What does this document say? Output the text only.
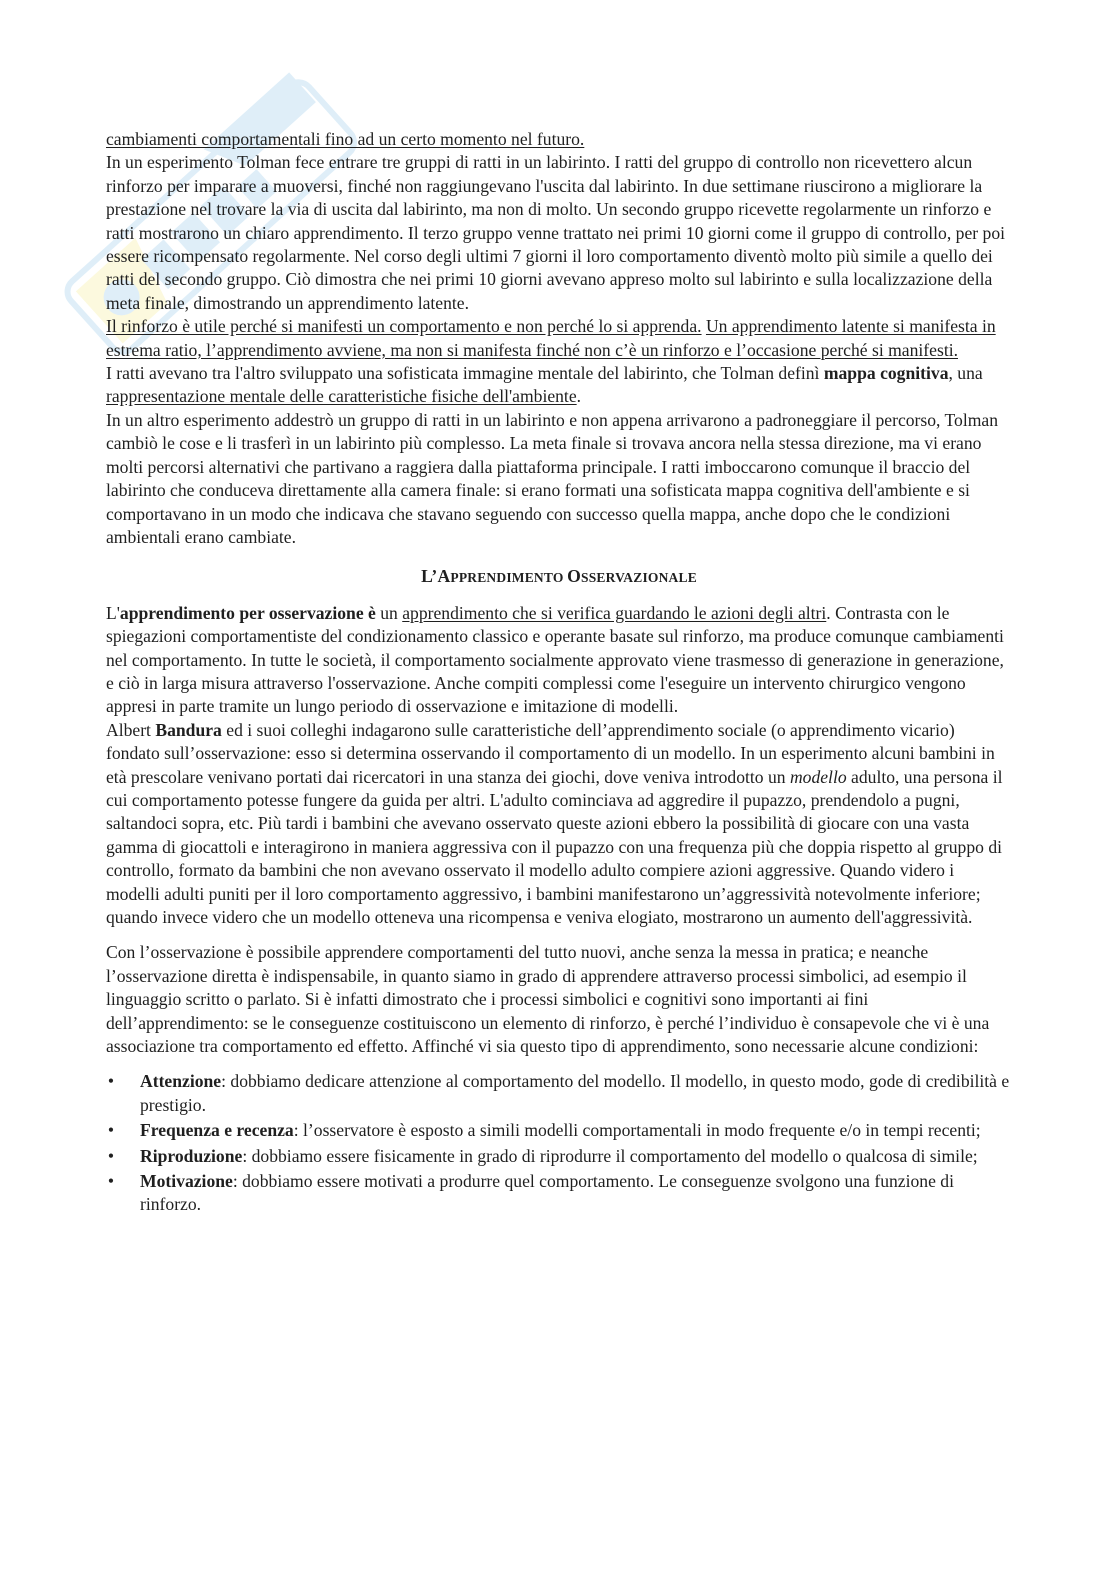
cambiamenti comportamentali fino ad un certo momento nel futuro.

In un esperimento Tolman fece entrare tre gruppi di ratti in un labirinto. I ratti del gruppo di controllo non ricevettero alcun rinforzo per imparare a muoversi, finché non raggiungevano l'uscita dal labirinto. In due settimane riuscirono a migliorare la prestazione nel trovare la via di uscita dal labirinto, ma non di molto. Un secondo gruppo ricevette regolarmente un rinforzo e ratti mostrarono un chiaro apprendimento. Il terzo gruppo venne trattato nei primi 10 giorni come il gruppo di controllo, per poi essere ricompensato regolarmente. Nel corso degli ultimi 7 giorni il loro comportamento diventò molto più simile a quello dei ratti del secondo gruppo. Ciò dimostra che nei primi 10 giorni avevano appreso molto sul labirinto e sulla localizzazione della meta finale, dimostrando un apprendimento latente.

Il rinforzo è utile perché si manifesti un comportamento e non perché lo si apprenda. Un apprendimento latente si manifesta in estrema ratio, l’apprendimento avviene, ma non si manifesta finché non c’è un rinforzo e l’occasione perché si manifesti.

I ratti avevano tra l'altro sviluppato una sofisticata immagine mentale del labirinto, che Tolman definì mappa cognitiva, una rappresentazione mentale delle caratteristiche fisiche dell'ambiente.

In un altro esperimento addestrò un gruppo di ratti in un labirinto e non appena arrivarono a padroneggiare il percorso, Tolman cambiò le cose e li trasferì in un labirinto più complesso. La meta finale si trovava ancora nella stessa direzione, ma vi erano molti percorsi alternativi che partivano a raggiera dalla piattaforma principale. I ratti imboccarono comunque il braccio del labirinto che conduceva direttamente alla camera finale: si erano formati una sofisticata mappa cognitiva dell'ambiente e si comportavano in un modo che indicava che stavano seguendo con successo quella mappa, anche dopo che le condizioni ambientali erano cambiate.

L’APPRENDIMENTO OSSERVAZIONALE

L'apprendimento per osservazione è un apprendimento che si verifica guardando le azioni degli altri. Contrasta con le spiegazioni comportamentiste del condizionamento classico e operante basate sul rinforzo, ma produce comunque cambiamenti nel comportamento. In tutte le società, il comportamento socialmente approvato viene trasmesso di generazione in generazione, e ciò in larga misura attraverso l'osservazione. Anche compiti complessi come l'eseguire un intervento chirurgico vengono appresi in parte tramite un lungo periodo di osservazione e imitazione di modelli.

Albert Bandura ed i suoi colleghi indagarono sulle caratteristiche dell’apprendimento sociale (o apprendimento vicario) fondato sull’osservazione: esso si determina osservando il comportamento di un modello. In un esperimento alcuni bambini in età prescolare venivano portati dai ricercatori in una stanza dei giochi, dove veniva introdotto un modello adulto, una persona il cui comportamento potesse fungere da guida per altri. L'adulto cominciava ad aggredire il pupazzo, prendendolo a pugni, saltandoci sopra, etc. Più tardi i bambini che avevano osservato queste azioni ebbero la possibilità di giocare con una vasta gamma di giocattoli e interagirono in maniera aggressiva con il pupazzo con una frequenza più che doppia rispetto al gruppo di controllo, formato da bambini che non avevano osservato il modello adulto compiere azioni aggressive. Quando videro i modelli adulti puniti per il loro comportamento aggressivo, i bambini manifestarono un’aggressività notevolmente inferiore; quando invece videro che un modello otteneva una ricompensa e veniva elogiato, mostrarono un aumento dell'aggressività.

Con l’osservazione è possibile apprendere comportamenti del tutto nuovi, anche senza la messa in pratica; e neanche l’osservazione diretta è indispensabile, in quanto siamo in grado di apprendere attraverso processi simbolici, ad esempio il linguaggio scritto o parlato. Si è infatti dimostrato che i processi simbolici e cognitivi sono importanti ai fini dell’apprendimento: se le conseguenze costituiscono un elemento di rinforzo, è perché l’individuo è consapevole che vi è una associazione tra comportamento ed effetto. Affinché vi sia questo tipo di apprendimento, sono necessarie alcune condizioni:

• Attenzione: dobbiamo dedicare attenzione al comportamento del modello. Il modello, in questo modo, gode di credibilità e prestigio.
• Frequenza e recenza: l’osservatore è esposto a simili modelli comportamentali in modo frequente e/o in tempi recenti;
• Riproduzione: dobbiamo essere fisicamente in grado di riprodurre il comportamento del modello o qualcosa di simile;
• Motivazione: dobbiamo essere motivati a produrre quel comportamento. Le conseguenze svolgono una funzione di rinforzo.
